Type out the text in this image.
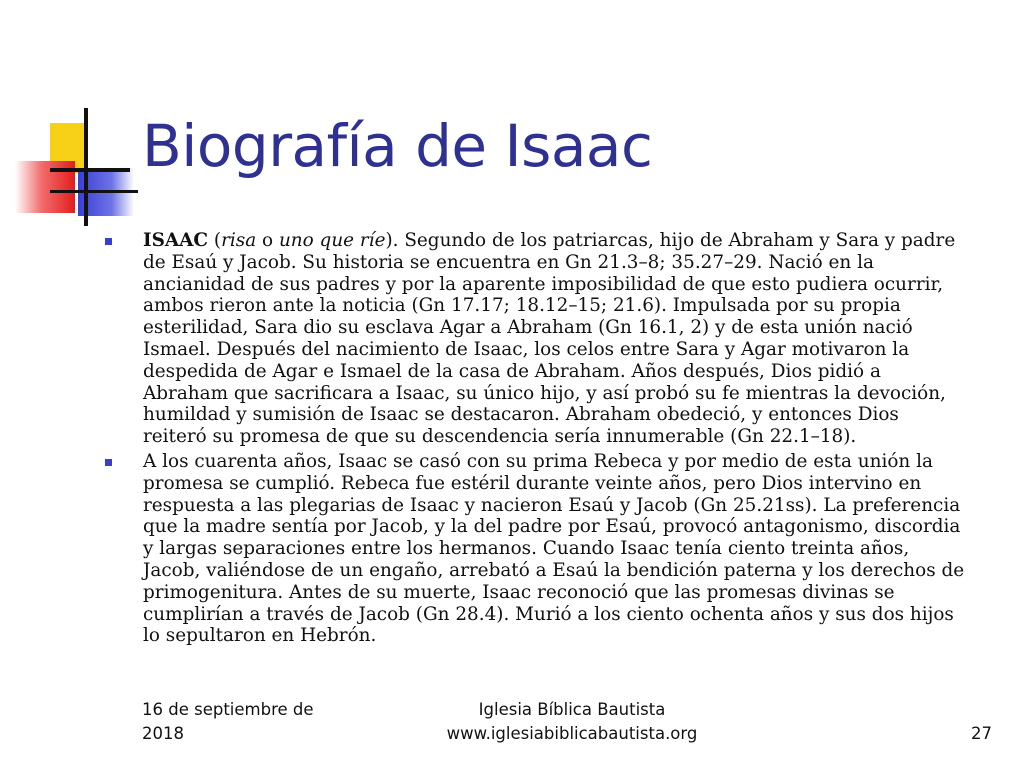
Biografía de Isaac
ISAAC (risa o uno que ríe). Segundo de los patriarcas, hijo de Abraham y Sara y padre de Esaú y Jacob. Su historia se encuentra en Gn 21.3–8; 35.27–29. Nació en la ancianidad de sus padres y por la aparente imposibilidad de que esto pudiera ocurrir, ambos rieron ante la noticia (Gn 17.17; 18.12–15; 21.6). Impulsada por su propia esterilidad, Sara dio su esclava Agar a Abraham (Gn 16.1, 2) y de esta unión nació Ismael. Después del nacimiento de Isaac, los celos entre Sara y Agar motivaron la despedida de Agar e Ismael de la casa de Abraham. Años después, Dios pidió a Abraham que sacrificara a Isaac, su único hijo, y así probó su fe mientras la devoción, humildad y sumisión de Isaac se destacaron. Abraham obedeció, y entonces Dios reiteró su promesa de que su descendencia sería innumerable (Gn 22.1–18).
A los cuarenta años, Isaac se casó con su prima Rebeca y por medio de esta unión la promesa se cumplió. Rebeca fue estéril durante veinte años, pero Dios intervino en respuesta a las plegarias de Isaac y nacieron Esaú y Jacob (Gn 25.21ss). La preferencia que la madre sentía por Jacob, y la del padre por Esaú, provocó antagonismo, discordia y largas separaciones entre los hermanos. Cuando Isaac tenía ciento treinta años, Jacob, valiéndose de un engaño, arrebató a Esaú la bendición paterna y los derechos de primogenitura. Antes de su muerte, Isaac reconoció que las promesas divinas se cumplirían a través de Jacob (Gn 28.4). Murió a los ciento ochenta años y sus dos hijos lo sepultaron en Hebrón.
16 de septiembre de 2018
Iglesia Bíblica Bautista
www.iglesiabiblicabautista.org	27
